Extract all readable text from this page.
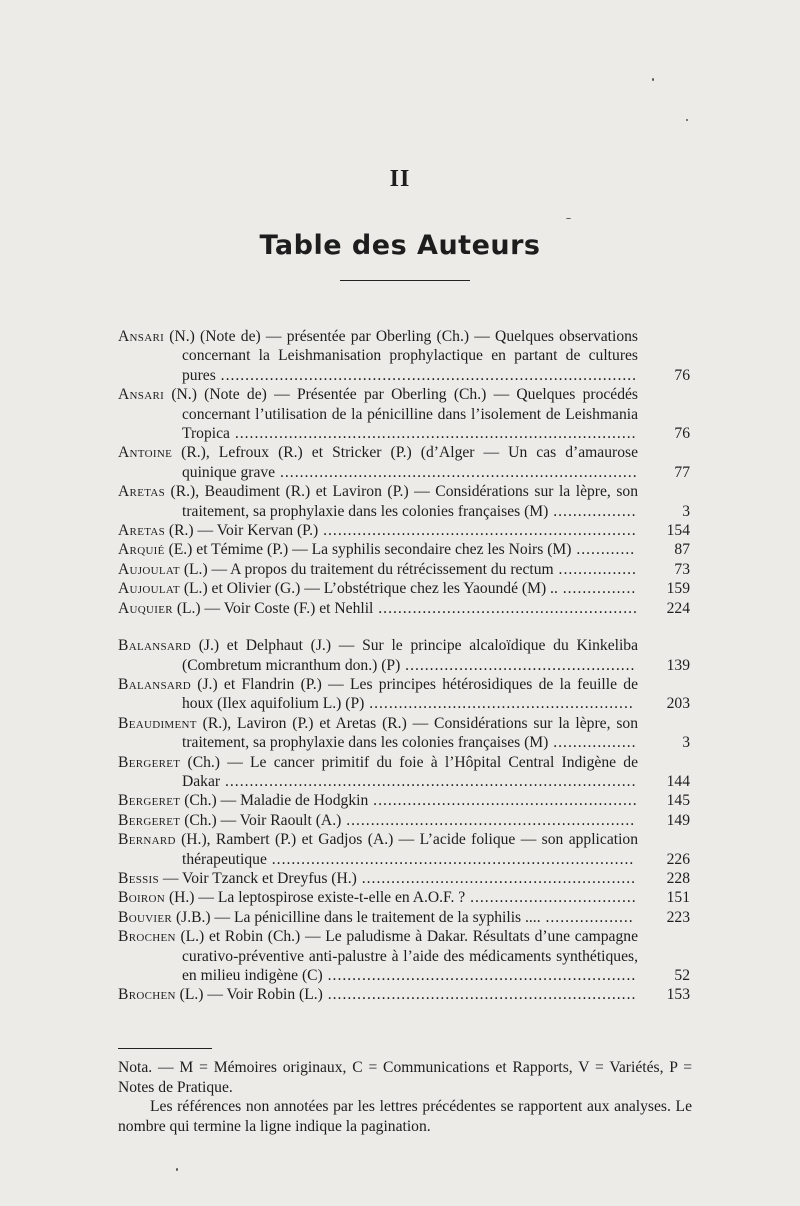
II
Table des Auteurs
Ansari (N.) (Note de) — présentée par Oberling (Ch.) — Quelques observations concernant la Leishmanisation prophylactique en partant de cultures pures .....................................................................................	76
Ansari (N.) (Note de) — Présentée par Oberling (Ch.) — Quelques procédés concernant l’utilisation de la pénicilline dans l’isolement de Leishmania Tropica ..................................................................................	76
Antoine (R.), Lefroux (R.) et Stricker (P.) (d’Alger — Un cas d’amaurose quinique grave .........................................................................	77
Aretas (R.), Beaudiment (R.) et Laviron (P.) — Considérations sur la lèpre, son traitement, sa prophylaxie dans les colonies françaises (M) .................	3
Aretas (R.) — Voir Kervan (P.) ................................................................	154
Arquié (E.) et Témime (P.) — La syphilis secondaire chez les Noirs (M) ............	87
Aujoulat (L.) — A propos du traitement du rétrécissement du rectum ................	73
Aujoulat (L.) et Olivier (G.) — L’obstétrique chez les Yaoundé (M) .. ...............	159
Auquier (L.) — Voir Coste (F.) et Nehlil .....................................................	224
Balansard (J.) et Delphaut (J.) — Sur le principe alcaloïdique du Kinkeliba (Combretum micranthum don.) (P) ...............................................	139
Balansard (J.) et Flandrin (P.) — Les principes hétérosidiques de la feuille de houx (Ilex aquifolium L.) (P) ......................................................	203
Beaudiment (R.), Laviron (P.) et Aretas (R.) — Considérations sur la lèpre, son traitement, sa prophylaxie dans les colonies françaises (M) .................	3
Bergeret (Ch.) — Le cancer primitif du foie à l’Hôpital Central Indigène de Dakar ....................................................................................	144
Bergeret (Ch.) — Maladie de Hodgkin ......................................................	145
Bergeret (Ch.) — Voir Raoult (A.) ...........................................................	149
Bernard (H.), Rambert (P.) et Gadjos (A.) — L’acide folique — son application thérapeutique ..........................................................................	226
Bessis — Voir Tzanck et Dreyfus (H.) ........................................................	228
Boiron (H.) — La leptospirose existe-t-elle en A.O.F. ? ..................................	151
Bouvier (J.B.) — La pénicilline dans le traitement de la syphilis .... ..................	223
Brochen (L.) et Robin (Ch.) — Le paludisme à Dakar. Résultats d’une campagne curativo-préventive anti-palustre à l’aide des médicaments synthétiques, en milieu indigène (C) ...............................................................	52
Brochen (L.) — Voir Robin (L.) ...............................................................	153

Nota. — M = Mémoires originaux, C = Communications et Rapports, V = Variétés, P = Notes de Pratique.

Les références non annotées par les lettres précédentes se rapportent aux analyses. Le nombre qui termine la ligne indique la pagination.
